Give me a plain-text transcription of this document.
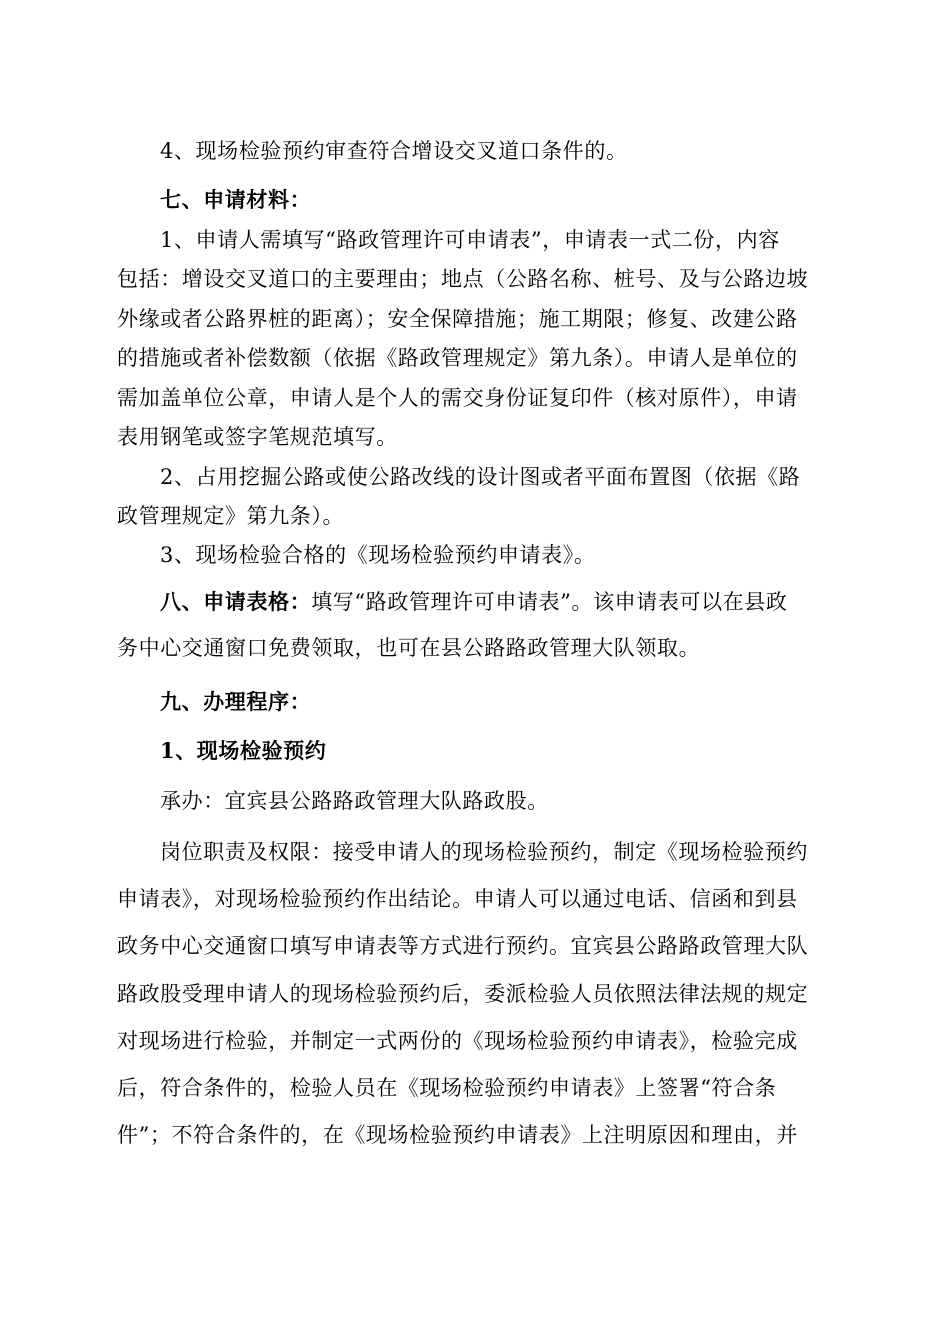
4、现场检验预约审查符合增设交叉道口条件的。
七、申请材料：
1、申请人需填写“路政管理许可申请表”，申请表一式二份，内容
包括：增设交叉道口的主要理由；地点（公路名称、桩号、及与公路边坡
外缘或者公路界桩的距离）；安全保障措施；施工期限；修复、改建公路
的措施或者补偿数额（依据《路政管理规定》第九条）。申请人是单位的
需加盖单位公章，申请人是个人的需交身份证复印件（核对原件），申请
表用钢笔或签字笔规范填写。
2、占用挖掘公路或使公路改线的设计图或者平面布置图（依据《路
政管理规定》第九条）。
3、现场检验合格的《现场检验预约申请表》。
八、申请表格：填写“路政管理许可申请表”。该申请表可以在县政
务中心交通窗口免费领取，也可在县公路路政管理大队领取。
九、办理程序：
1、现场检验预约
承办：宜宾县公路路政管理大队路政股。
岗位职责及权限：接受申请人的现场检验预约，制定《现场检验预约
申请表》，对现场检验预约作出结论。申请人可以通过电话、信函和到县
政务中心交通窗口填写申请表等方式进行预约。宜宾县公路路政管理大队
路政股受理申请人的现场检验预约后，委派检验人员依照法律法规的规定
对现场进行检验，并制定一式两份的《现场检验预约申请表》，检验完成
后，符合条件的，检验人员在《现场检验预约申请表》上签署“符合条
件”；不符合条件的，在《现场检验预约申请表》上注明原因和理由，并
